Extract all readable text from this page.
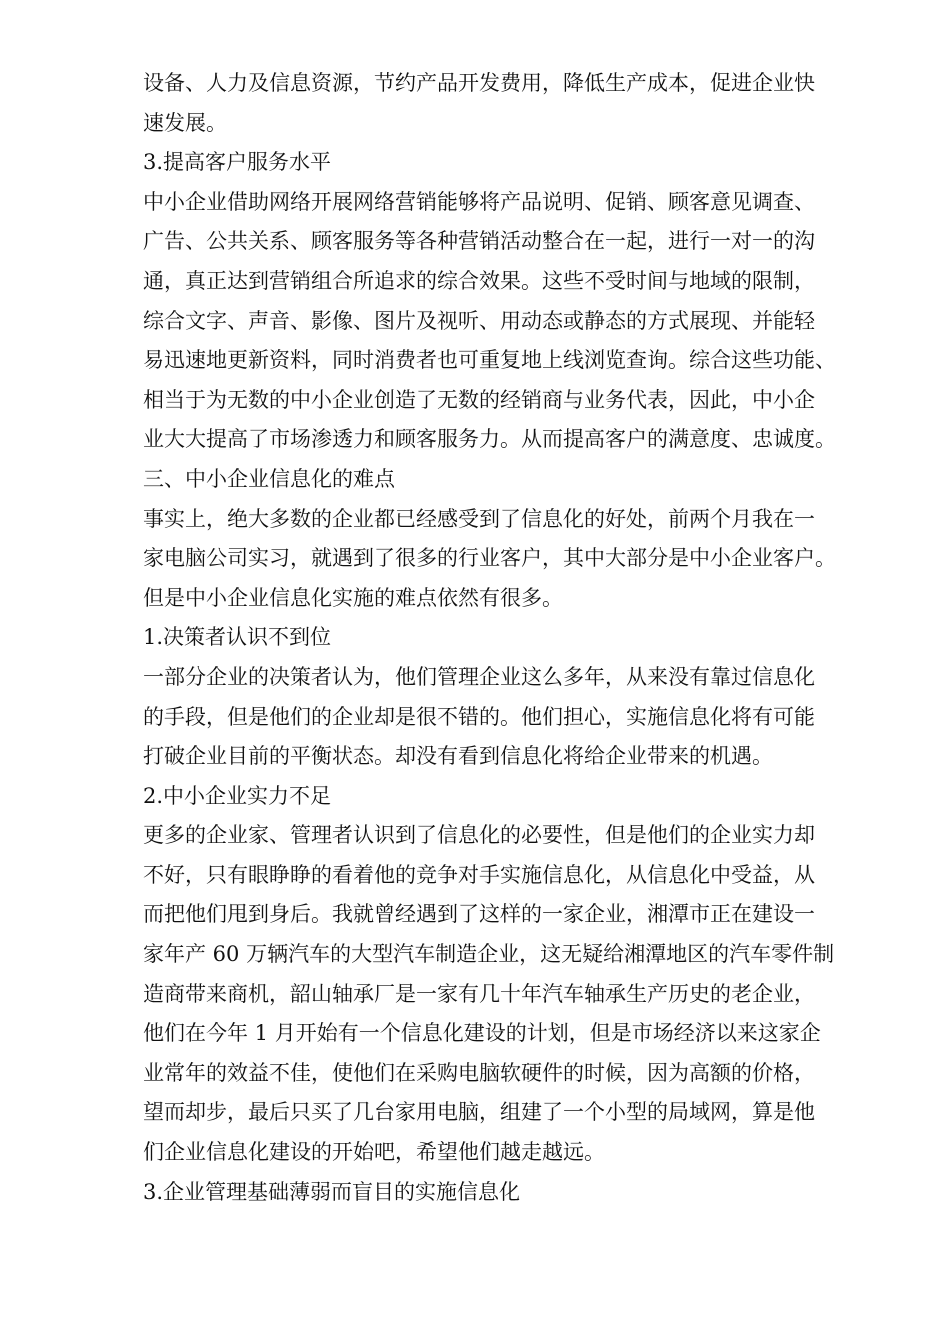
设备、人力及信息资源，节约产品开发费用，降低生产成本，促进企业快
速发展。
3.提高客户服务水平
中小企业借助网络开展网络营销能够将产品说明、促销、顾客意见调查、
广告、公共关系、顾客服务等各种营销活动整合在一起，进行一对一的沟
通，真正达到营销组合所追求的综合效果。这些不受时间与地域的限制，
综合文字、声音、影像、图片及视听、用动态或静态的方式展现、并能轻
易迅速地更新资料，同时消费者也可重复地上线浏览查询。综合这些功能、
相当于为无数的中小企业创造了无数的经销商与业务代表，因此，中小企
业大大提高了市场渗透力和顾客服务力。从而提高客户的满意度、忠诚度。
三、中小企业信息化的难点
事实上，绝大多数的企业都已经感受到了信息化的好处，前两个月我在一
家电脑公司实习，就遇到了很多的行业客户，其中大部分是中小企业客户。
但是中小企业信息化实施的难点依然有很多。
1.决策者认识不到位
一部分企业的决策者认为，他们管理企业这么多年，从来没有靠过信息化
的手段，但是他们的企业却是很不错的。他们担心，实施信息化将有可能
打破企业目前的平衡状态。却没有看到信息化将给企业带来的机遇。
2.中小企业实力不足
更多的企业家、管理者认识到了信息化的必要性，但是他们的企业实力却
不好，只有眼睁睁的看着他的竞争对手实施信息化，从信息化中受益，从
而把他们甩到身后。我就曾经遇到了这样的一家企业，湘潭市正在建设一
家年产 60 万辆汽车的大型汽车制造企业，这无疑给湘潭地区的汽车零件制
造商带来商机，韶山轴承厂是一家有几十年汽车轴承生产历史的老企业，
他们在今年 1 月开始有一个信息化建设的计划，但是市场经济以来这家企
业常年的效益不佳，使他们在采购电脑软硬件的时候，因为高额的价格，
望而却步，最后只买了几台家用电脑，组建了一个小型的局域网，算是他
们企业信息化建设的开始吧，希望他们越走越远。
3.企业管理基础薄弱而盲目的实施信息化
